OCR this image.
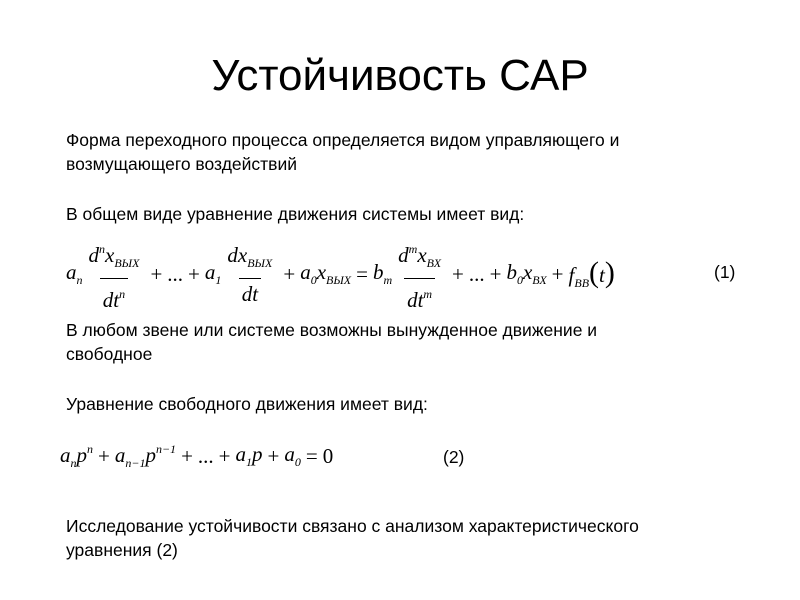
Устойчивость САР
Форма переходного процесса определяется видом управляющего и
возмущающего воздействий
В общем виде уравнение движения системы имеет вид:
$a_n \frac{d^nx_{ВЫХ}}{dt^n}$ + ... + $a_1 \frac{dx_{ВЫХ}}{dt} + a_0x_{ВЫХ} = b_m \frac{d^mx_{ВХ}}{dt^m}$ + ... + $b_0x_{ВХ} + f_{ВВ}(t)$	(1)
В любом звене или системе возможны вынужденное движение и
свободное
Уравнение свободного движения имеет вид:
$a_np^n + a_{n-1}p^{n-1}$ + ... + $a_1p + a_0 = 0$	(2)
Исследование устойчивости связано с анализом характеристического
уравнения (2)
